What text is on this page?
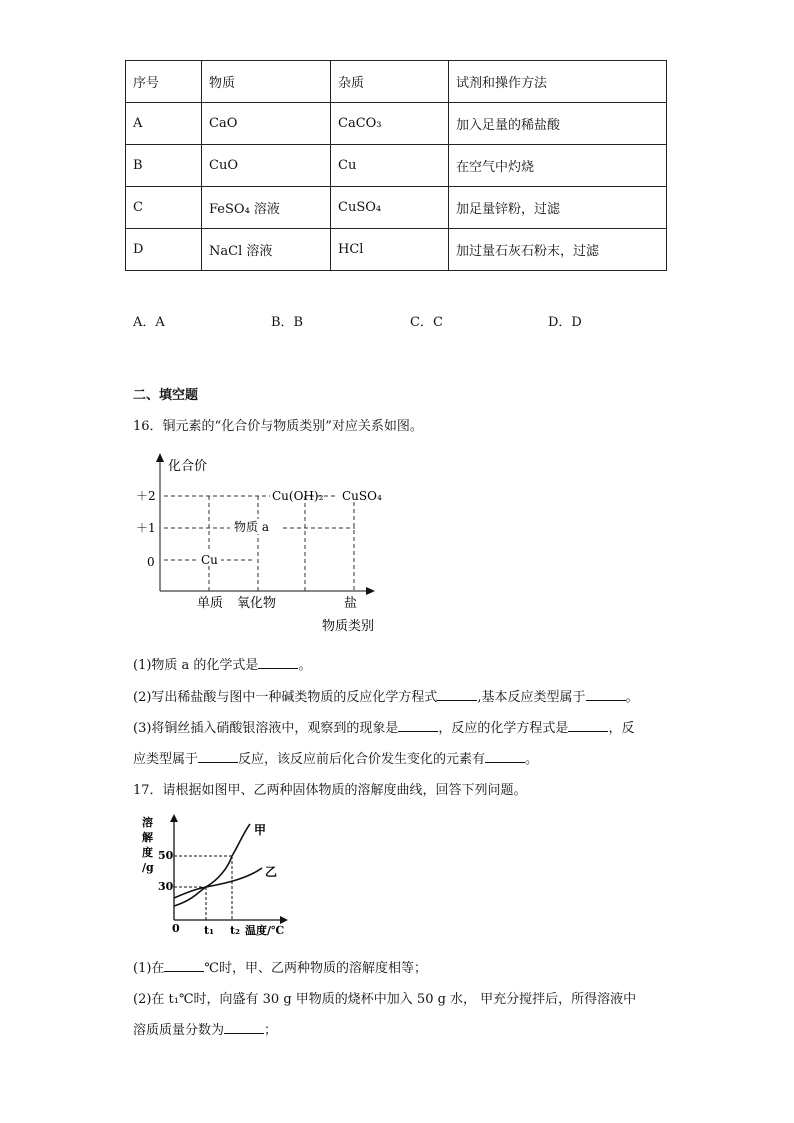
序号	物质	杂质	试剂和操作方法
A	CaO	CaCO₃	加入足量的稀盐酸
B	CuO	Cu	在空气中灼烧
C	FeSO₄ 溶液	CuSO₄	加足量锌粉，过滤
D	NaCl 溶液	HCl	加过量石灰石粉末，过滤
A．A	B．B	C．C	D．D
二、填空题
16．铜元素的“化合价与物质类别”对应关系如图。
化合价
＋2
＋1
0
Cu(OH)₂ CuSO₄
物质 a
Cu
单质 氧化物	盐
物质类别
(1)物质 a 的化学式是	。
(2)写出稀盐酸与图中一种碱类物质的反应化学方程式	,基本反应类型属于	。
(3)将铜丝插入硝酸银溶液中，观察到的现象是	，反应的化学方程式是	，反
应类型属于	反应，该反应前后化合价发生变化的元素有	。
17．请根据如图甲、乙两种固体物质的溶解度曲线，回答下列问题。
溶
解
度
/g
50
30
0 t₁ t₂ 温度/℃
甲
乙
(1)在	℃时，甲、乙两种物质的溶解度相等；
(2)在 t₁℃时，向盛有 30 g 甲物质的烧杯中加入 50 g 水， 甲充分搅拌后，所得溶液中
溶质质量分数为	；
